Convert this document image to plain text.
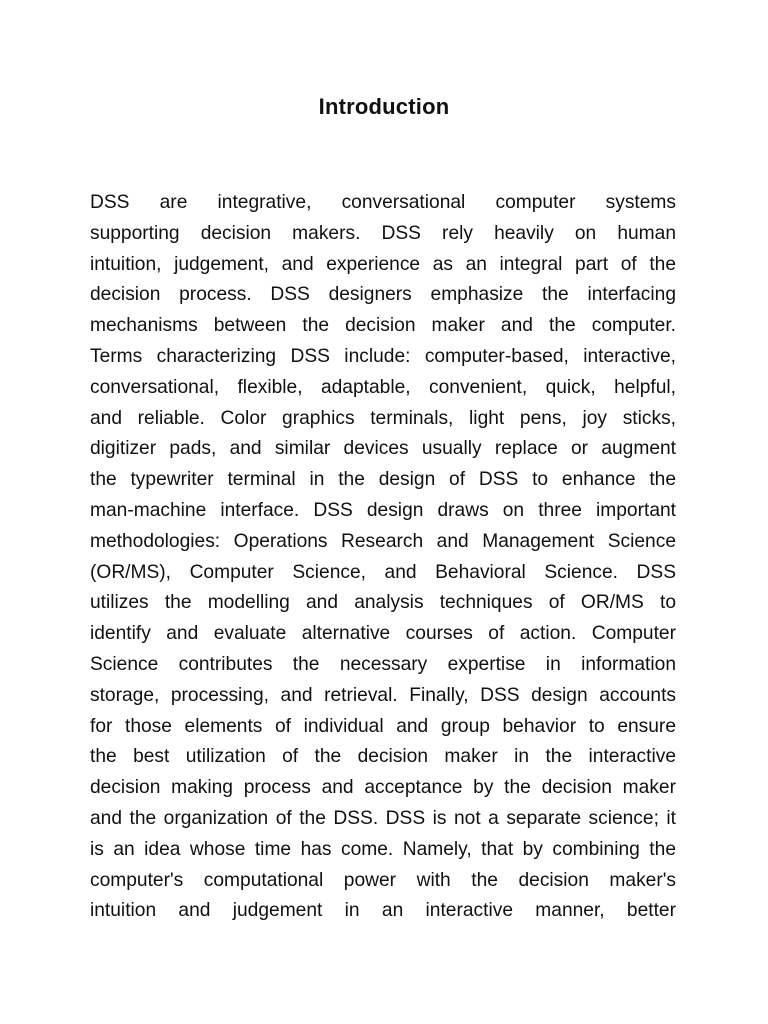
Introduction
DSS are integrative, conversational computer systems
supporting decision makers. DSS rely heavily on human
intuition, judgement, and experience as an integral part of the
decision process. DSS designers emphasize the interfacing
mechanisms between the decision maker and the computer.
Terms characterizing DSS include: computer-based, interactive,
conversational, flexible, adaptable, convenient, quick, helpful,
and reliable. Color graphics terminals, light pens, joy sticks,
digitizer pads, and similar devices usually replace or augment
the typewriter terminal in the design of DSS to enhance the
man-machine interface. DSS design draws on three important
methodologies: Operations Research and Management Science
(OR/MS), Computer Science, and Behavioral Science. DSS
utilizes the modelling and analysis techniques of OR/MS to
identify and evaluate alternative courses of action. Computer
Science contributes the necessary expertise in information
storage, processing, and retrieval. Finally, DSS design accounts
for those elements of individual and group behavior to ensure
the best utilization of the decision maker in the interactive
decision making process and acceptance by the decision maker
and the organization of the DSS. DSS is not a separate science; it
is an idea whose time has come. Namely, that by combining the
computer's computational power with the decision maker's
intuition and judgement in an interactive manner, better
